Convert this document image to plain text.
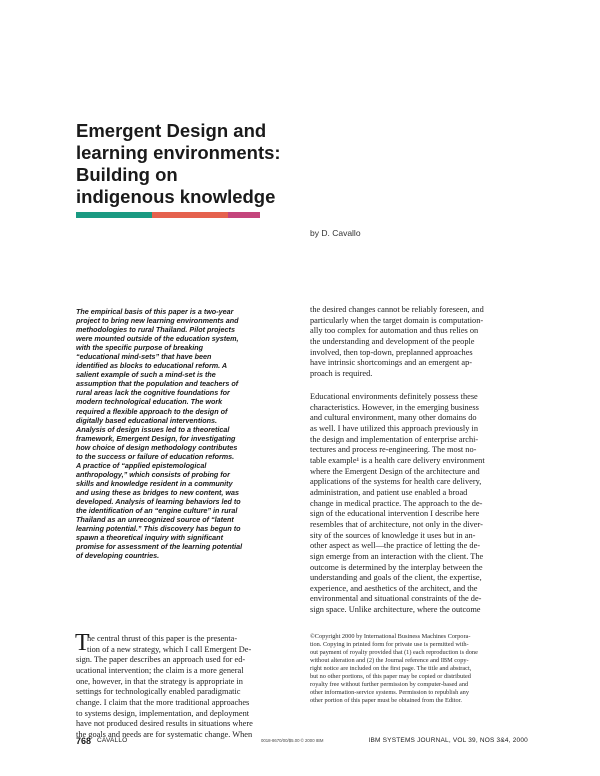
Emergent Design and
learning environments:
Building on
indigenous knowledge
by D. Cavallo
The empirical basis of this paper is a two-year
project to bring new learning environments and
methodologies to rural Thailand. Pilot projects
were mounted outside of the education system,
with the specific purpose of breaking
“educational mind-sets” that have been
identified as blocks to educational reform. A
salient example of such a mind-set is the
assumption that the population and teachers of
rural areas lack the cognitive foundations for
modern technological education. The work
required a flexible approach to the design of
digitally based educational interventions.
Analysis of design issues led to a theoretical
framework, Emergent Design, for investigating
how choice of design methodology contributes
to the success or failure of education reforms.
A practice of “applied epistemological
anthropology,” which consists of probing for
skills and knowledge resident in a community
and using these as bridges to new content, was
developed. Analysis of learning behaviors led to
the identification of an “engine culture” in rural
Thailand as an unrecognized source of “latent
learning potential.” This discovery has begun to
spawn a theoretical inquiry with significant
promise for assessment of the learning potential
of developing countries.
T
he central thrust of this paper is the presenta-
tion of a new strategy, which I call Emergent De-
sign. The paper describes an approach used for ed-
ucational intervention; the claim is a more general
one, however, in that the strategy is appropriate in
settings for technologically enabled paradigmatic
change. I claim that the more traditional approaches
to systems design, implementation, and deployment
have not produced desired results in situations where
the goals and needs are for systematic change. When
the desired changes cannot be reliably foreseen, and
particularly when the target domain is computation-
ally too complex for automation and thus relies on
the understanding and development of the people
involved, then top-down, preplanned approaches
have intrinsic shortcomings and an emergent ap-
proach is required.
Educational environments definitely possess these
characteristics. However, in the emerging business
and cultural environment, many other domains do
as well. I have utilized this approach previously in
the design and implementation of enterprise archi-
tectures and process re-engineering. The most no-
table example¹ is a health care delivery environment
where the Emergent Design of the architecture and
applications of the systems for health care delivery,
administration, and patient use enabled a broad
change in medical practice. The approach to the de-
sign of the educational intervention I describe here
resembles that of architecture, not only in the diver-
sity of the sources of knowledge it uses but in an-
other aspect as well—the practice of letting the de-
sign emerge from an interaction with the client. The
outcome is determined by the interplay between the
understanding and goals of the client, the expertise,
experience, and aesthetics of the architect, and the
environmental and situational constraints of the de-
sign space. Unlike architecture, where the outcome
©Copyright 2000 by International Business Machines Corpora-
tion. Copying in printed form for private use is permitted with-
out payment of royalty provided that (1) each reproduction is done
without alteration and (2) the Journal reference and IBM copy-
right notice are included on the first page. The title and abstract,
but no other portions, of this paper may be copied or distributed
royalty free without further permission by computer-based and
other information-service systems. Permission to republish any
other portion of this paper must be obtained from the Editor.
768 CAVALLO	0018-8670/00/$5.00 © 2000 IBM	IBM SYSTEMS JOURNAL, VOL 39, NOS 3&4, 2000
